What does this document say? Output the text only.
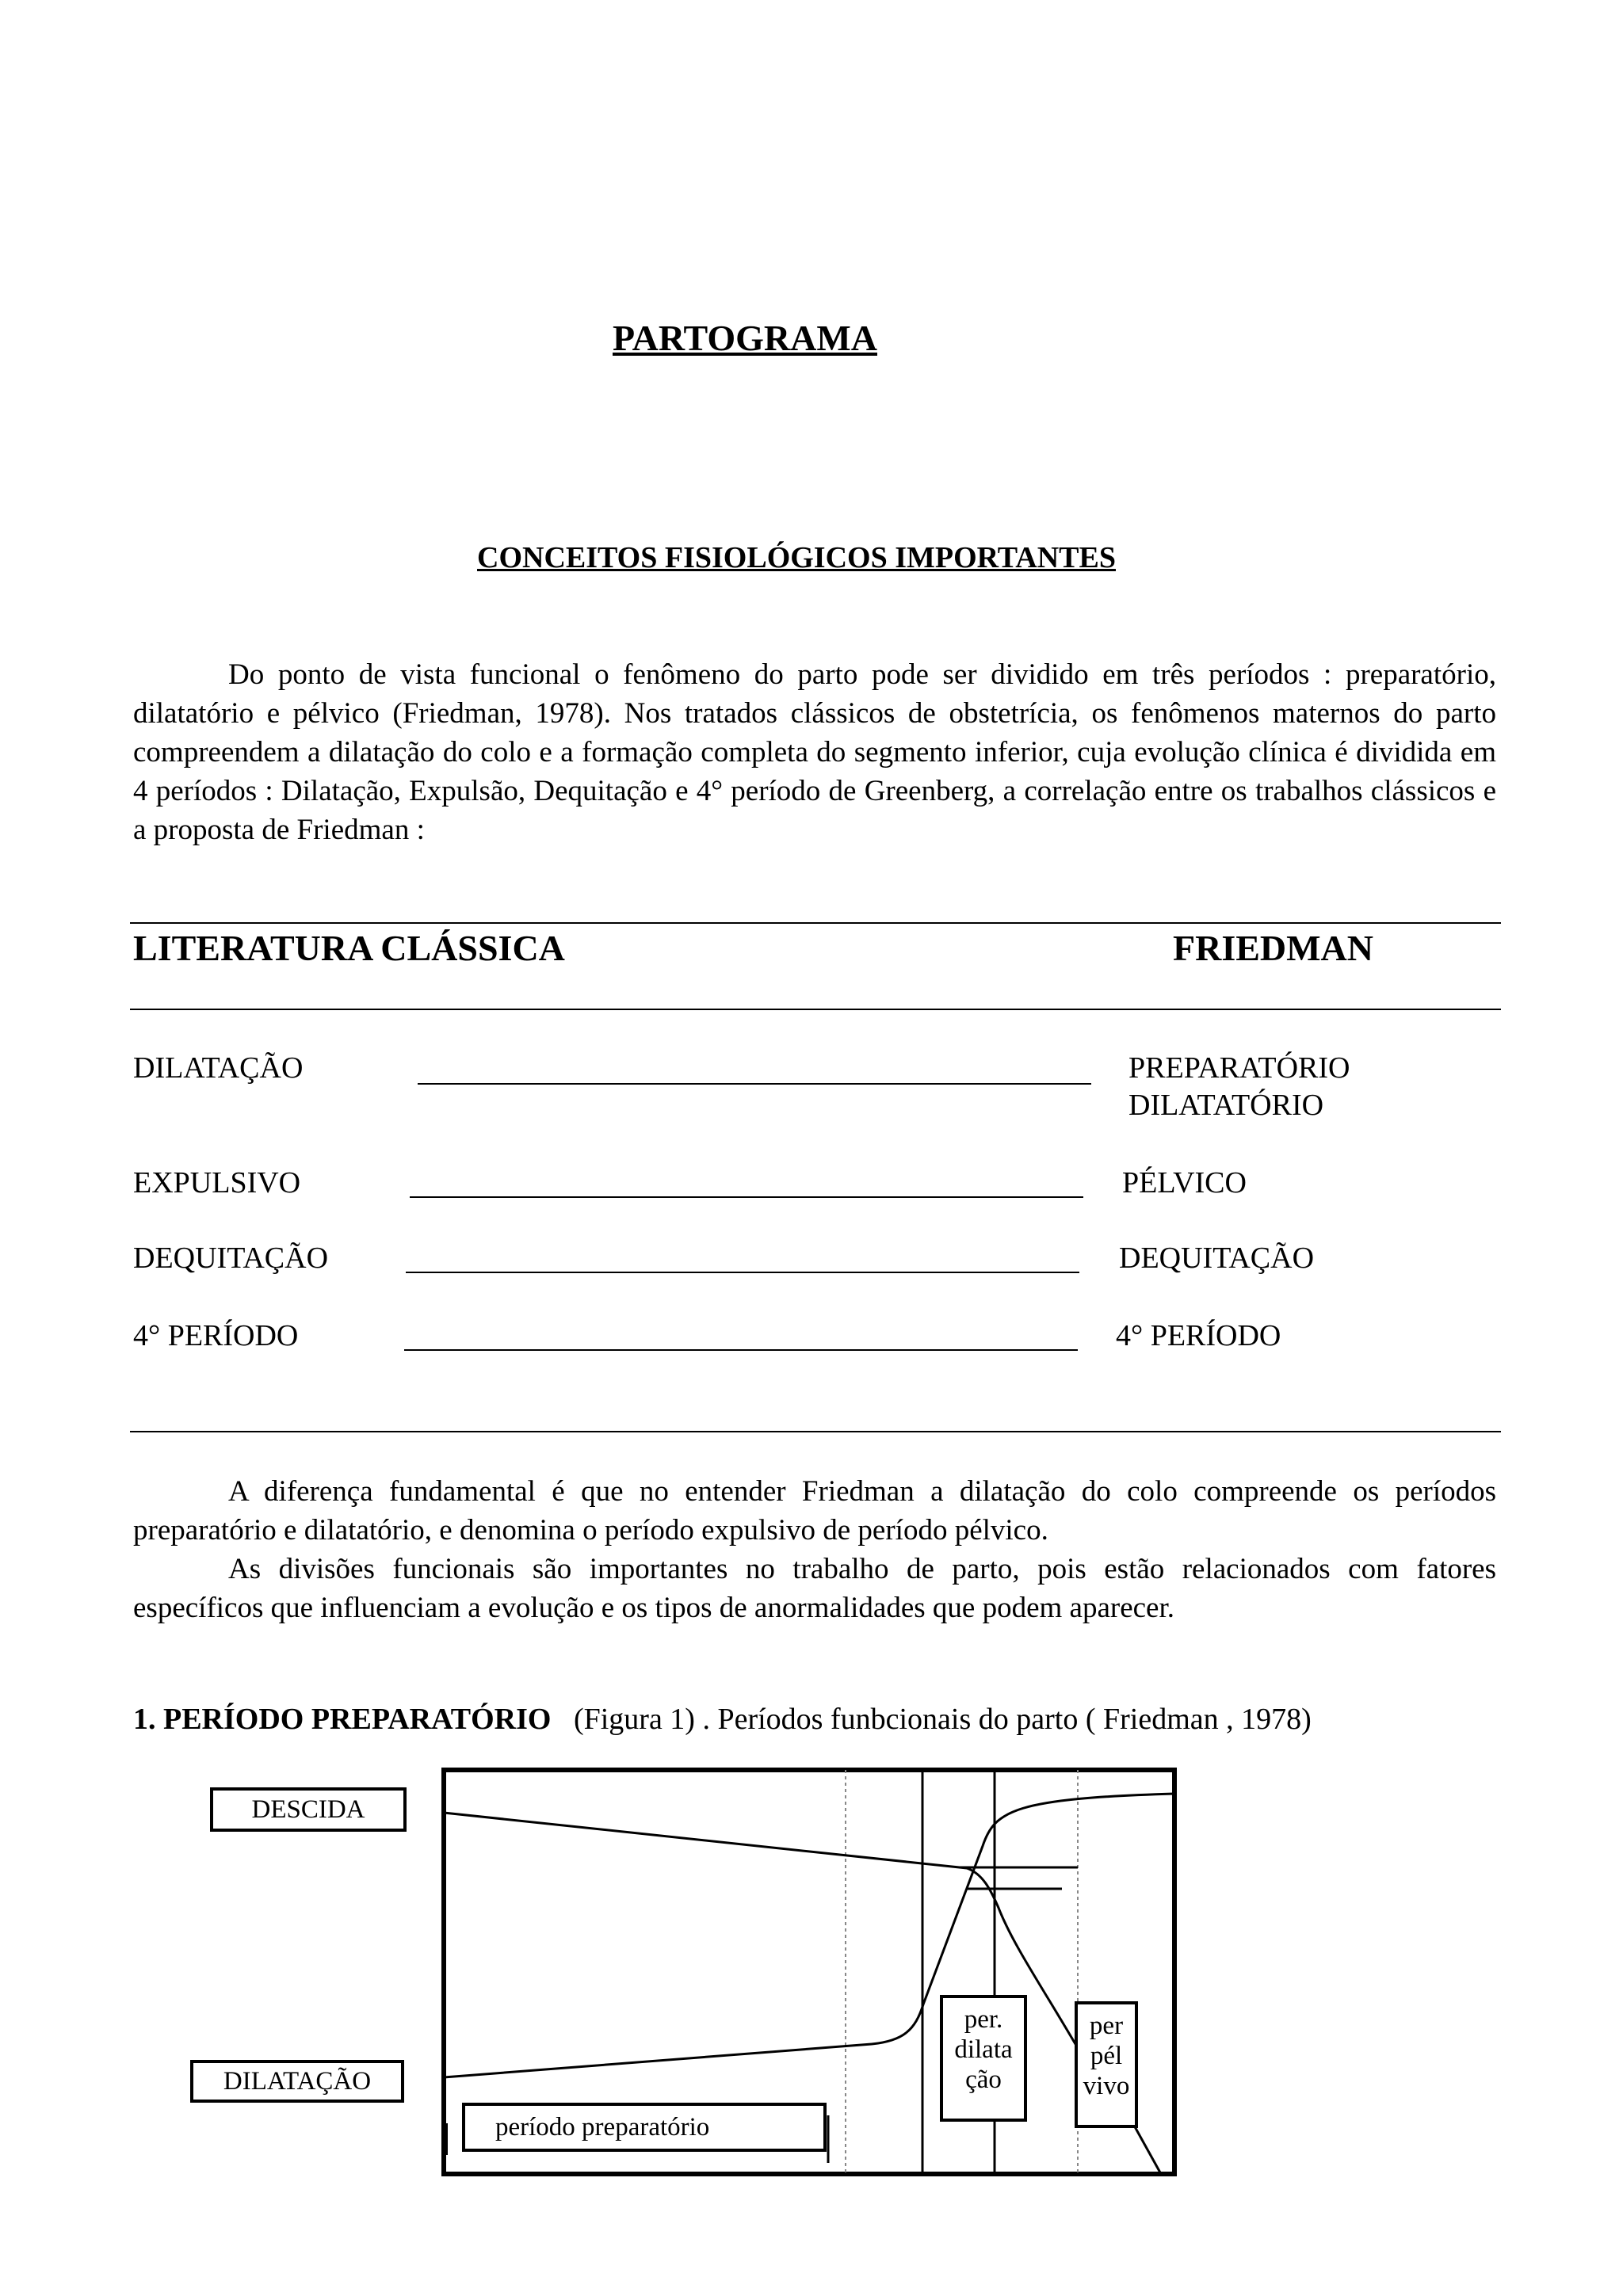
PARTOGRAMA
CONCEITOS FISIOLÓGICOS IMPORTANTES

Do ponto de vista funcional o fenômeno do parto pode ser dividido em três períodos : preparatório, dilatatório e pélvico (Friedman, 1978). Nos tratados clássicos de obstetrícia, os fenômenos maternos do parto compreendem a dilatação do colo e a formação completa do segmento inferior, cuja evolução clínica é dividida em 4 períodos : Dilatação, Expulsão, Dequitação e 4° período de Greenberg, a correlação entre os trabalhos clássicos e a proposta de Friedman :

LITERATURA CLÁSSICA	FRIEDMAN
DILATAÇÃO	PREPARATÓRIO
DILATATÓRIO
EXPULSIVO	PÉLVICO
DEQUITAÇÃO	DEQUITAÇÃO
4° PERÍODO	4° PERÍODO

A diferença fundamental é que no entender Friedman a dilatação do colo compreende os períodos preparatório e dilatatório, e denomina o período expulsivo de período pélvico.

As divisões funcionais são importantes no trabalho de parto, pois estão relacionados com fatores específicos que influenciam a evolução e os tipos de anormalidades que podem aparecer.

1. PERÍODO PREPARATÓRIO (Figura 1) . Períodos funbcionais do parto ( Friedman , 1978)
DESCIDA
DILATAÇÃO
período preparatório
per.
dilata
ção
per
pél
vivo
